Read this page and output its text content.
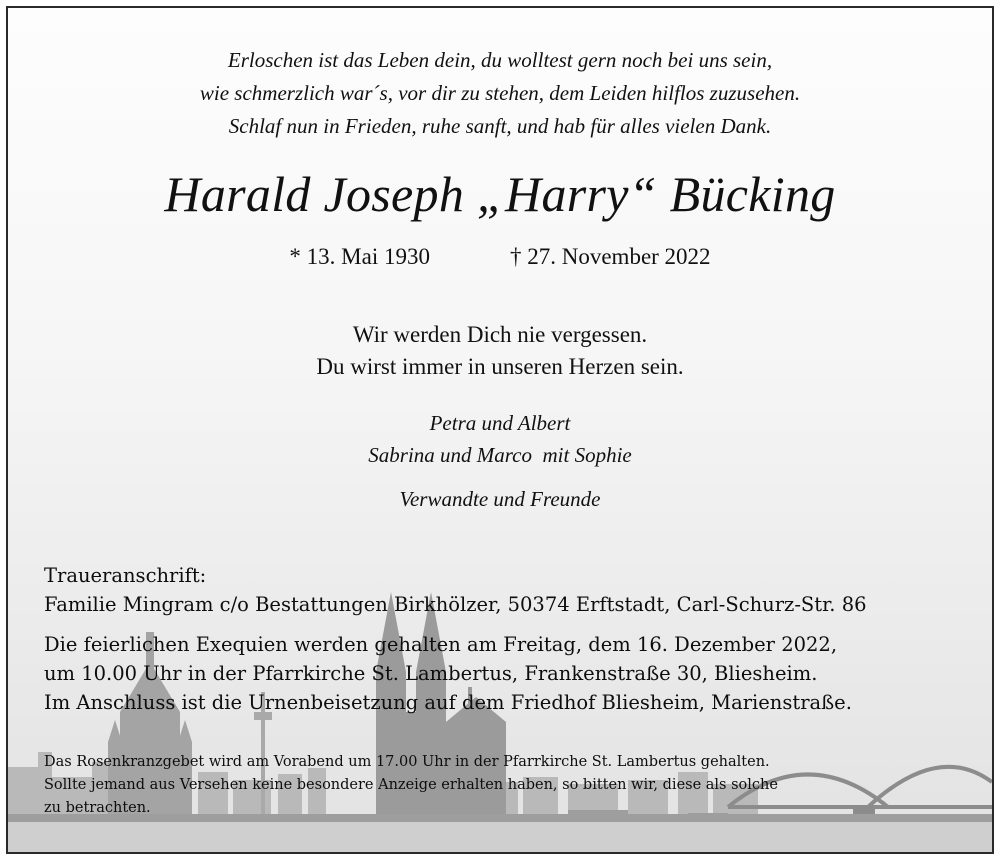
Erloschen ist das Leben dein, du wolltest gern noch bei uns sein,
wie schmerzlich war´s, vor dir zu stehen, dem Leiden hilflos zuzusehen.
Schlaf nun in Frieden, ruhe sanft, und hab für alles vielen Dank.
Harald Joseph „Harry“ Bücking
* 13. Mai 1930	† 27. November 2022
Wir werden Dich nie vergessen.
Du wirst immer in unseren Herzen sein.
Petra und Albert
Sabrina und Marco  mit Sophie
Verwandte und Freunde
Traueranschrift:
Familie Mingram c/o Bestattungen Birkhölzer, 50374 Erftstadt, Carl-Schurz-Str. 86
Die feierlichen Exequien werden gehalten am Freitag, dem 16. Dezember 2022,
um 10.00 Uhr in der Pfarrkirche St. Lambertus, Frankenstraße 30, Bliesheim.
Im Anschluss ist die Urnenbeisetzung auf dem Friedhof Bliesheim, Marienstraße.
Das Rosenkranzgebet wird am Vorabend um 17.00 Uhr in der Pfarrkirche St. Lambertus gehalten.
Sollte jemand aus Versehen keine besondere Anzeige erhalten haben, so bitten wir, diese als solche
zu betrachten.
